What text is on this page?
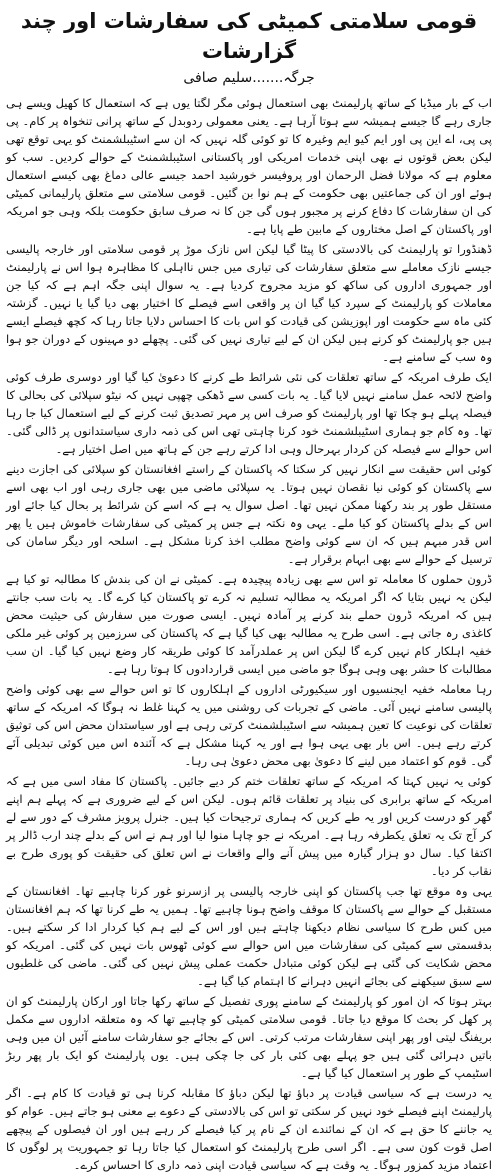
قومی سلامتی کمیٹی کی سفارشات اور چند گزارشات
جرگہ.......سلیم صافی

اب کے بار میڈیا کے ساتھ پارلیمنٹ بھی استعمال ہوئی مگر لگتا یوں ہے کہ استعمال کا کھیل ویسے ہی جاری رہے گا جیسے ہمیشہ سے ہوتا آرہا ہے۔ یعنی معمولی ردوبدل کے ساتھ پرانی تنخواہ پر کام۔ پی پی پی، اے این پی اور ایم کیو ایم وغیرہ کا تو کوئی گلہ نہیں کہ ان سے اسٹیبلشمنٹ کو یہی توقع تھی لیکن بعض قوتوں نے بھی اپنی خدمات امریکی اور پاکستانی اسٹیبلشمنٹ کے حوالے کردیں۔ سب کو معلوم ہے کہ مولانا فضل الرحمان اور پروفیسر خورشید احمد جیسے عالی دماغ بھی کیسے استعمال ہوئے اور ان کی جماعتیں بھی حکومت کے ہم نوا بن گئیں۔ قومی سلامتی سے متعلق پارلیمانی کمیٹی کی ان سفارشات کا دفاع کرنے پر مجبور ہوں گی جن کا نہ صرف سابق حکومت بلکہ وہی جو امریکہ اور پاکستان کے اصل مختاروں کے مابین طے پایا ہے۔

ڈھنڈورا تو پارلیمنٹ کی بالادستی کا پیٹا گیا لیکن اس نازک موڑ پر قومی سلامتی اور خارجہ پالیسی جیسے نازک معاملے سے متعلق سفارشات کی تیاری میں جس نااہلی کا مظاہرہ ہوا اس نے پارلیمنٹ اور جمہوری اداروں کی ساکھ کو مزید مجروح کردیا ہے۔ یہ سوال اپنی جگہ اہم ہے کہ کیا جن معاملات کو پارلیمنٹ کے سپرد کیا گیا ان پر واقعی اسے فیصلے کا اختیار بھی دیا گیا یا نہیں۔ گزشتہ کئی ماہ سے حکومت اور اپوزیشن کی قیادت کو اس بات کا احساس دلایا جاتا رہا کہ کچھ فیصلے ایسے ہیں جو پارلیمنٹ کو کرنے ہیں لیکن ان کے لیے تیاری نہیں کی گئی۔ پچھلے دو مہینوں کے دوران جو ہوا وہ سب کے سامنے ہے۔

ایک طرف امریکہ کے ساتھ تعلقات کی نئی شرائط طے کرنے کا دعویٰ کیا گیا اور دوسری طرف کوئی واضح لائحہ عمل سامنے نہیں لایا گیا۔ یہ بات کسی سے ڈھکی چھپی نہیں کہ نیٹو سپلائی کی بحالی کا فیصلہ پہلے ہو چکا تھا اور پارلیمنٹ کو صرف اس پر مہر تصدیق ثبت کرنے کے لیے استعمال کیا جا رہا تھا۔ وہ کام جو ہماری اسٹیبلشمنٹ خود کرنا چاہتی تھی اس کی ذمہ داری سیاستدانوں پر ڈالی گئی۔ اس حوالے سے فیصلہ کن کردار بہرحال وہی ادا کرتے رہے جن کے ہاتھ میں اصل اختیار ہے۔

کوئی اس حقیقت سے انکار نہیں کر سکتا کہ پاکستان کے راستے افغانستان کو سپلائی کی اجازت دینے سے پاکستان کو کوئی نیا نقصان نہیں ہوتا۔ یہ سپلائی ماضی میں بھی جاری رہی اور اب بھی اسے مستقل طور پر بند رکھنا ممکن نہیں تھا۔ اصل سوال یہ ہے کہ اسے کن شرائط پر بحال کیا جائے اور اس کے بدلے پاکستان کو کیا ملے۔ یہی وہ نکتہ ہے جس پر کمیٹی کی سفارشات خاموش ہیں یا پھر اس قدر مبہم ہیں کہ ان سے کوئی واضح مطلب اخذ کرنا مشکل ہے۔ اسلحہ اور دیگر سامان کی ترسیل کے حوالے سے بھی ابہام برقرار ہے۔

ڈرون حملوں کا معاملہ تو اس سے بھی زیادہ پیچیدہ ہے۔ کمیٹی نے ان کی بندش کا مطالبہ تو کیا ہے لیکن یہ نہیں بتایا کہ اگر امریکہ یہ مطالبہ تسلیم نہ کرے تو پاکستان کیا کرے گا۔ یہ بات سب جانتے ہیں کہ امریکہ ڈرون حملے بند کرنے پر آمادہ نہیں۔ ایسی صورت میں سفارش کی حیثیت محض کاغذی رہ جاتی ہے۔ اسی طرح یہ مطالبہ بھی کیا گیا ہے کہ پاکستان کی سرزمین پر کوئی غیر ملکی خفیہ اہلکار کام نہیں کرے گا لیکن اس پر عملدرآمد کا کوئی طریقہ کار وضع نہیں کیا گیا۔ ان سب مطالبات کا حشر بھی وہی ہوگا جو ماضی میں ایسی قراردادوں کا ہوتا رہا ہے۔

رہا معاملہ خفیہ ایجنسیوں اور سیکیورٹی اداروں کے اہلکاروں کا تو اس حوالے سے بھی کوئی واضح پالیسی سامنے نہیں آئی۔ ماضی کے تجربات کی روشنی میں یہ کہنا غلط نہ ہوگا کہ امریکہ کے ساتھ تعلقات کی نوعیت کا تعین ہمیشہ سے اسٹیبلشمنٹ کرتی رہی ہے اور سیاستدان محض اس کی توثیق کرتے رہے ہیں۔ اس بار بھی یہی ہوا ہے اور یہ کہنا مشکل ہے کہ آئندہ اس میں کوئی تبدیلی آئے گی۔ قوم کو اعتماد میں لینے کا دعویٰ بھی محض دعویٰ ہی رہا۔

کوئی یہ نہیں کہتا کہ امریکہ کے ساتھ تعلقات ختم کر دیے جائیں۔ پاکستان کا مفاد اسی میں ہے کہ امریکہ کے ساتھ برابری کی بنیاد پر تعلقات قائم ہوں۔ لیکن اس کے لیے ضروری ہے کہ پہلے ہم اپنے گھر کو درست کریں اور یہ طے کریں کہ ہماری ترجیحات کیا ہیں۔ جنرل پرویز مشرف کے دور سے لے کر آج تک یہ تعلق یکطرفہ رہا ہے۔ امریکہ نے جو چاہا منوا لیا اور ہم نے اس کے بدلے چند ارب ڈالر پر اکتفا کیا۔ سال دو ہزار گیارہ میں پیش آنے والے واقعات نے اس تعلق کی حقیقت کو پوری طرح بے نقاب کر دیا۔

یہی وہ موقع تھا جب پاکستان کو اپنی خارجہ پالیسی پر ازسرنو غور کرنا چاہیے تھا۔ افغانستان کے مستقبل کے حوالے سے پاکستان کا موقف واضح ہونا چاہیے تھا۔ ہمیں یہ طے کرنا تھا کہ ہم افغانستان میں کس طرح کا سیاسی نظام دیکھنا چاہتے ہیں اور اس کے لیے ہم کیا کردار ادا کر سکتے ہیں۔ بدقسمتی سے کمیٹی کی سفارشات میں اس حوالے سے کوئی ٹھوس بات نہیں کی گئی۔ امریکہ کو محض شکایت کی گئی ہے لیکن کوئی متبادل حکمت عملی پیش نہیں کی گئی۔ ماضی کی غلطیوں سے سبق سیکھنے کی بجائے انہیں دہرانے کا اہتمام کیا گیا ہے۔

بہتر ہوتا کہ ان امور کو پارلیمنٹ کے سامنے پوری تفصیل کے ساتھ رکھا جاتا اور ارکان پارلیمنٹ کو ان پر کھل کر بحث کا موقع دیا جاتا۔ قومی سلامتی کمیٹی کو چاہیے تھا کہ وہ متعلقہ اداروں سے مکمل بریفنگ لیتی اور پھر اپنی سفارشات مرتب کرتی۔ اس کے بجائے جو سفارشات سامنے آئیں ان میں وہی باتیں دہرائی گئی ہیں جو پہلے بھی کئی بار کی جا چکی ہیں۔ یوں پارلیمنٹ کو ایک بار پھر ربڑ اسٹیمپ کے طور پر استعمال کیا گیا ہے۔

یہ درست ہے کہ سیاسی قیادت پر دباؤ تھا لیکن دباؤ کا مقابلہ کرنا ہی تو قیادت کا کام ہے۔ اگر پارلیمنٹ اپنے فیصلے خود نہیں کر سکتی تو اس کی بالادستی کے دعوے بے معنی ہو جاتے ہیں۔ عوام کو یہ جاننے کا حق ہے کہ ان کے نمائندے ان کے نام پر کیا فیصلے کر رہے ہیں اور ان فیصلوں کے پیچھے اصل قوت کون سی ہے۔ اگر اسی طرح پارلیمنٹ کو استعمال کیا جاتا رہا تو جمہوریت پر لوگوں کا اعتماد مزید کمزور ہوگا۔ یہ وقت ہے کہ سیاسی قیادت اپنی ذمہ داری کا احساس کرے۔
